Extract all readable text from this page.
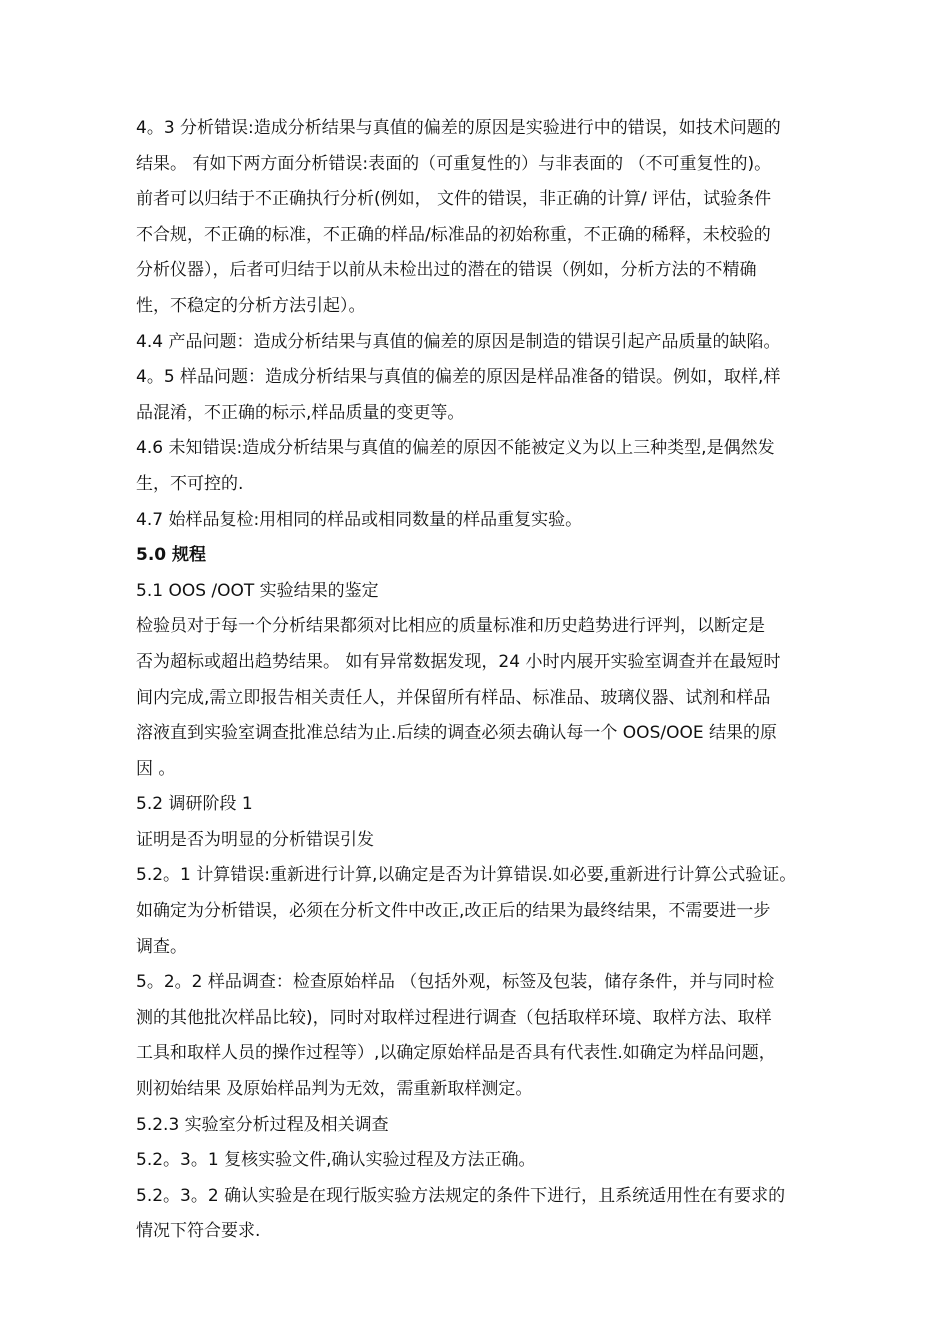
4。3 分析错误:造成分析结果与真值的偏差的原因是实验进行中的错误，如技术问题的
结果。 有如下两方面分析错误:表面的（可重复性的）与非表面的 （不可重复性的)。
前者可以归结于不正确执行分析(例如， 文件的错误，非正确的计算/ 评估，试验条件
不合规，不正确的标准，不正确的样品/标准品的初始称重，不正确的稀释，未校验的
分析仪器），后者可归结于以前从未检出过的潜在的错误（例如，分析方法的不精确
性，不稳定的分析方法引起）。
4.4 产品问题：造成分析结果与真值的偏差的原因是制造的错误引起产品质量的缺陷。
4。5 样品问题：造成分析结果与真值的偏差的原因是样品准备的错误。例如，取样,样
品混淆，不正确的标示,样品质量的变更等。
4.6 未知错误:造成分析结果与真值的偏差的原因不能被定义为以上三种类型,是偶然发
生，不可控的.
4.7 始样品复检:用相同的样品或相同数量的样品重复实验。
5.0 规程
5.1 OOS /OOT 实验结果的鉴定
检验员对于每一个分析结果都须对比相应的质量标准和历史趋势进行评判，以断定是
否为超标或超出趋势结果。 如有异常数据发现，24 小时内展开实验室调查并在最短时
间内完成,需立即报告相关责任人，并保留所有样品、标准品、玻璃仪器、试剂和样品
溶液直到实验室调查批准总结为止.后续的调查必须去确认每一个 OOS/OOE 结果的原
因 。
5.2 调研阶段 1
证明是否为明显的分析错误引发
5.2。1 计算错误:重新进行计算,以确定是否为计算错误.如必要,重新进行计算公式验证。
如确定为分析错误，必须在分析文件中改正,改正后的结果为最终结果，不需要进一步
调查。
5。2。2 样品调查：检查原始样品 （包括外观，标签及包装，储存条件，并与同时检
测的其他批次样品比较)，同时对取样过程进行调查（包括取样环境、取样方法、取样
工具和取样人员的操作过程等）,以确定原始样品是否具有代表性.如确定为样品问题，
则初始结果 及原始样品判为无效，需重新取样测定。
5.2.3 实验室分析过程及相关调查
5.2。3。1 复核实验文件,确认实验过程及方法正确。
5.2。3。2 确认实验是在现行版实验方法规定的条件下进行，且系统适用性在有要求的
情况下符合要求.
